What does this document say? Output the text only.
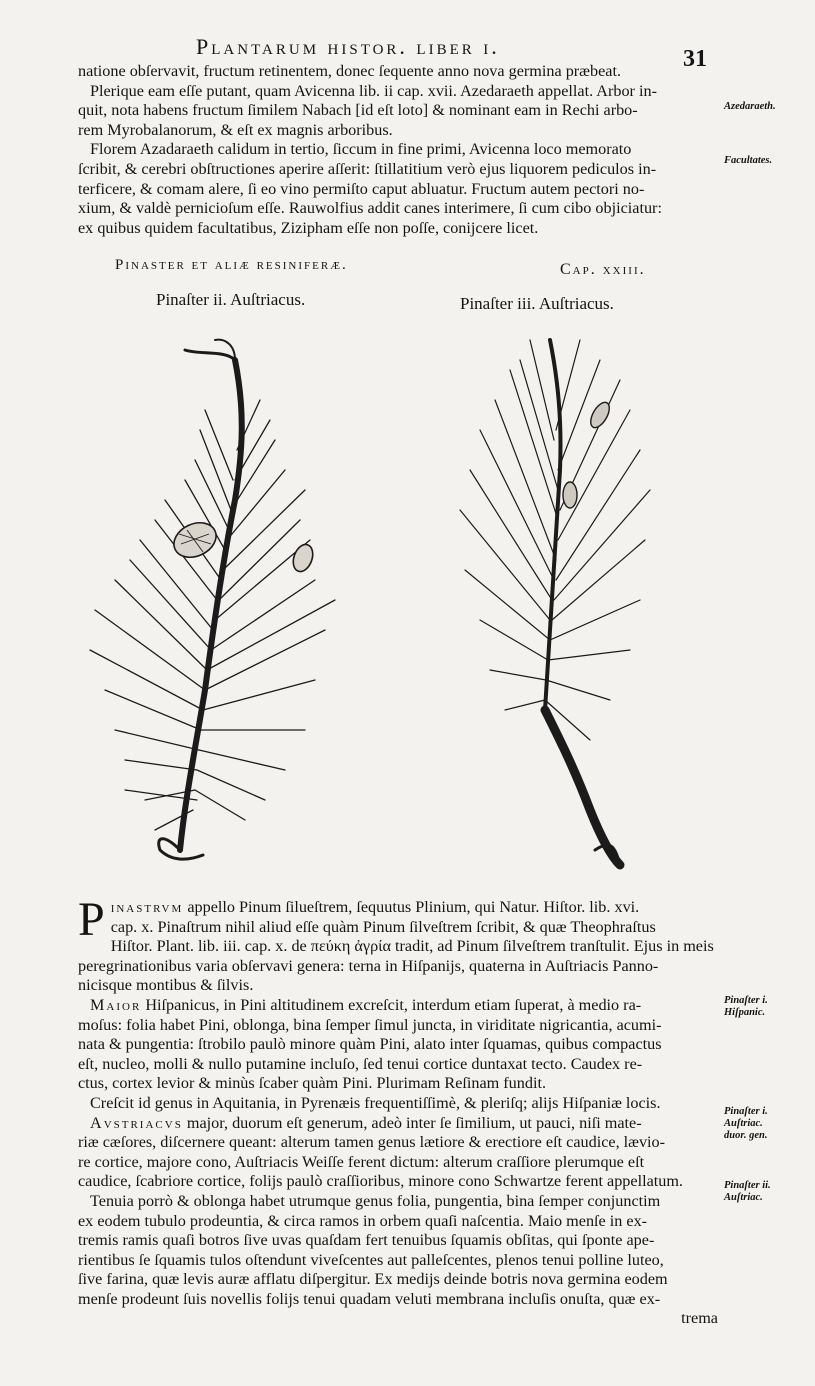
Plantarum histor. liber i.	31
natione obſervavit, fructum retinentem, donec ſequente anno nova germina præbeat.
Plerique eam eſſe putant, quam Avicenna lib. ii cap. xvii. Azedaraeth appellat. Arbor in-
quit, nota habens fructum ſimilem Nabach [id eſt loto] & nominant eam in Rechi arbo-
rem Myrobalanorum, & eſt ex magnis arboribus.
Florem Azadaraeth calidum in tertio, ſiccum in fine primi, Avicenna loco memorato
ſcribit, & cerebri obſtructiones aperire aſſerit: ſtillatitium verò ejus liquorem pediculos in-
terficere, & comam alere, ſi eo vino permiſto caput abluatur. Fructum autem pectori no-
xium, & valdè pernicioſum eſſe. Rauwolfius addit canes interimere, ſi cum cibo objiciatur:
ex quibus quidem facultatibus, Zizipham eſſe non poſſe, conijcere licet.
Azedaraeth.
Facultates.
Pinaster et aliæ resiniferæ.	Cap. xxiii.
Pinaſter ii. Auſtriacus.	Pinaſter iii. Auſtriacus.

P inastrvm appello Pinum ſilueſtrem, ſequutus Plinium, qui Natur. Hiſtor. lib. xvi.
cap. x. Pinaſtrum nihil aliud eſſe quàm Pinum ſilveſtrem ſcribit, & quæ Theophraſtus
Hiſtor. Plant. lib. iii. cap. x. de πεύκη ἀγρία tradit, ad Pinum ſilveſtrem tranſtulit. Ejus in meis
peregrinationibus varia obſervavi genera: terna in Hiſpanijs, quaterna in Auſtriacis Panno-
nicisque montibus & ſilvis.

Maior Hiſpanicus, in Pini altitudinem excreſcit, interdum etiam ſuperat, à medio ra-
moſus: folia habet Pini, oblonga, bina ſemper ſimul juncta, in viriditate nigricantia, acumi-
nata & pungentia: ſtrobilo paulò minore quàm Pini, alato inter ſquamas, quibus compactus
eſt, nucleo, molli & nullo putamine incluſo, ſed tenui cortice duntaxat tecto. Caudex re-
ctus, cortex levior & minùs ſcaber quàm Pini. Plurimam Reſinam fundit.

Creſcit id genus in Aquitania, in Pyrenæis frequentiſſimè, & pleriſq; alijs Hiſpaniæ locis.

Avstriacvs major, duorum eſt generum, adeò inter ſe ſimilium, ut pauci, niſi mate-
riæ cæſores, diſcernere queant: alterum tamen genus lætiore & erectiore eſt caudice, lævio-
re cortice, majore cono, Auſtriacis Weiſſe ferent dictum: alterum craſſiore plerumque eſt
caudice, ſcabriore cortice, folijs paulò craſſioribus, minore cono Schwartze ferent appellatum.

Tenuia porrò & oblonga habet utrumque genus folia, pungentia, bina ſemper conjunctim
ex eodem tubulo prodeuntia, & circa ramos in orbem quaſi naſcentia. Maio menſe in ex-
tremis ramis quaſi botros ſive uvas quaſdam fert tenuibus ſquamis obſitas, qui ſponte ape-
rientibus ſe ſquamis tulos oſtendunt viveſcentes aut palleſcentes, plenos tenui polline luteo,
ſive farina, quæ levis auræ afflatu diſpergitur. Ex medijs deinde botris nova germina eodem
menſe prodeunt ſuis novellis folijs tenui quadam veluti membrana incluſis onuſta, quæ ex-

trema
Pinaſter i.
Hiſpanic.
Pinaſter i.
Auſtriac.
duor. gen.
Pinaſter ii.
Auſtriac.
